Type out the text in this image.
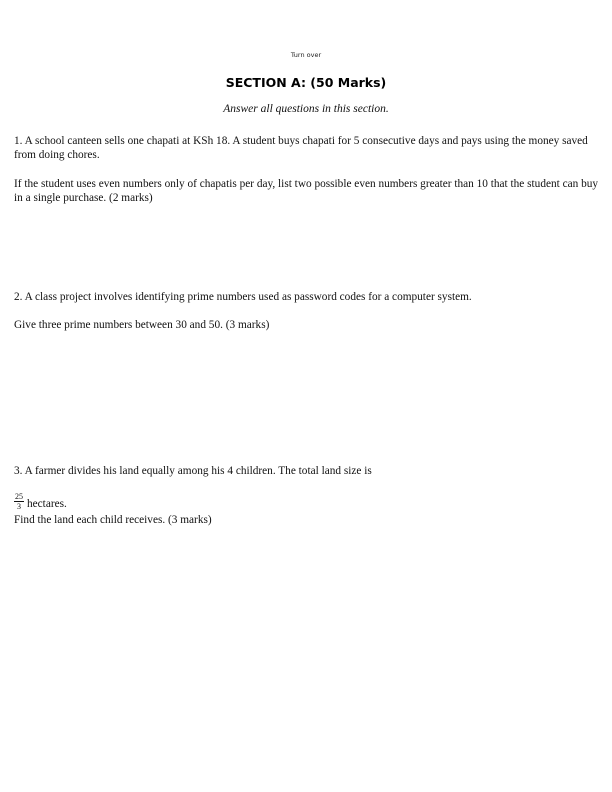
Turn over
SECTION A: (50 Marks)
Answer all questions in this section.

1. A school canteen sells one chapati at KSh 18. A student buys chapati for 5 consecutive days and pays using the money saved from doing chores.

If the student uses even numbers only of chapatis per day, list two possible even numbers greater than 10 that the student can buy in a single purchase. (2 marks)

2. A class project involves identifying prime numbers used as password codes for a computer system.

Give three prime numbers between 30 and 50. (3 marks)

3. A farmer divides his land equally among his 4 children. The total land size is

$\frac{25}{3}$ hectares.

Find the land each child receives. (3 marks)
